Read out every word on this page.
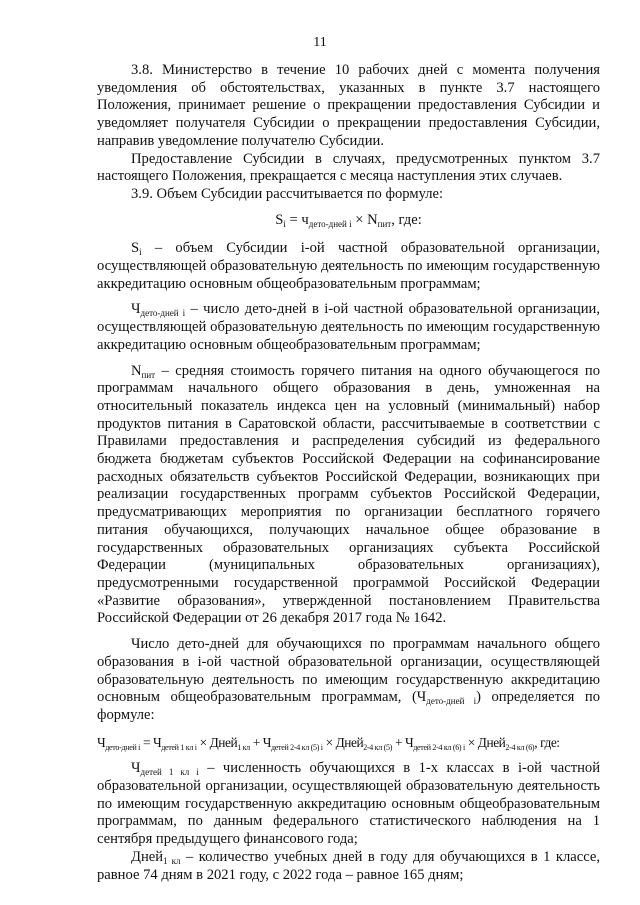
11

3.8. Министерство в течение 10 рабочих дней с момента получения уведомления об обстоятельствах, указанных в пункте 3.7 настоящего Положения, принимает решение о прекращении предоставления Субсидии и уведомляет получателя Субсидии о прекращении предоставления Субсидии, направив уведомление получателю Субсидии.

Предоставление Субсидии в случаях, предусмотренных пунктом 3.7 настоящего Положения, прекращается с месяца наступления этих случаев.

3.9. Объем Субсидии рассчитывается по формуле:

$S_i = ч_{дето-дней i} \times N_{пит}$, где:

$S_i$ – объем Субсидии i-ой частной образовательной организации, осуществляющей образовательную деятельность по имеющим государственную аккредитацию основным общеобразовательным программам;

$Ч_{дето-дней i}$ – число дето-дней в i-ой частной образовательной организации, осуществляющей образовательную деятельность по имеющим государственную аккредитацию основным общеобразовательным программам;

$N_{пит}$ – средняя стоимость горячего питания на одного обучающегося по программам начального общего образования в день, умноженная на относительный показатель индекса цен на условный (минимальный) набор продуктов питания в Саратовской области, рассчитываемые в соответствии с Правилами предоставления и распределения субсидий из федерального бюджета бюджетам субъектов Российской Федерации на софинансирование расходных обязательств субъектов Российской Федерации, возникающих при реализации государственных программ субъектов Российской Федерации, предусматривающих мероприятия по организации бесплатного горячего питания обучающихся, получающих начальное общее образование в государственных образовательных организациях субъекта Российской Федерации (муниципальных образовательных организациях), предусмотренными государственной программой Российской Федерации «Развитие образования», утвержденной постановлением Правительства Российской Федерации от 26 декабря 2017 года № 1642.

Число дето-дней для обучающихся по программам начального общего образования в i-ой частной образовательной организации, осуществляющей образовательную деятельность по имеющим государственную аккредитацию основным общеобразовательным программам, $(Ч_{дето-дней i})$ определяется по формуле:

$Ч_{дето-дней i} = Ч_{детей 1 кл i}$ × Дней$_{1 кл}$ + $Ч_{детей 2-4 кл (5) i}$ × Дней$_{2-4 кл (5)}$ + $Ч_{детей 2-4 кл (6) i}$ × Дней$_{2-4 кл (6)}$, где:

$Ч_{детей 1 кл i}$ – численность обучающихся в 1-х классах в i-ой частной образовательной организации, осуществляющей образовательную деятельность по имеющим государственную аккредитацию основным общеобразовательным программам, по данным федерального статистического наблюдения на 1 сентября предыдущего финансового года;

Дней$_{1 кл}$ – количество учебных дней в году для обучающихся в 1 классе, равное 74 дням в 2021 году, с 2022 года – равное 165 дням;
